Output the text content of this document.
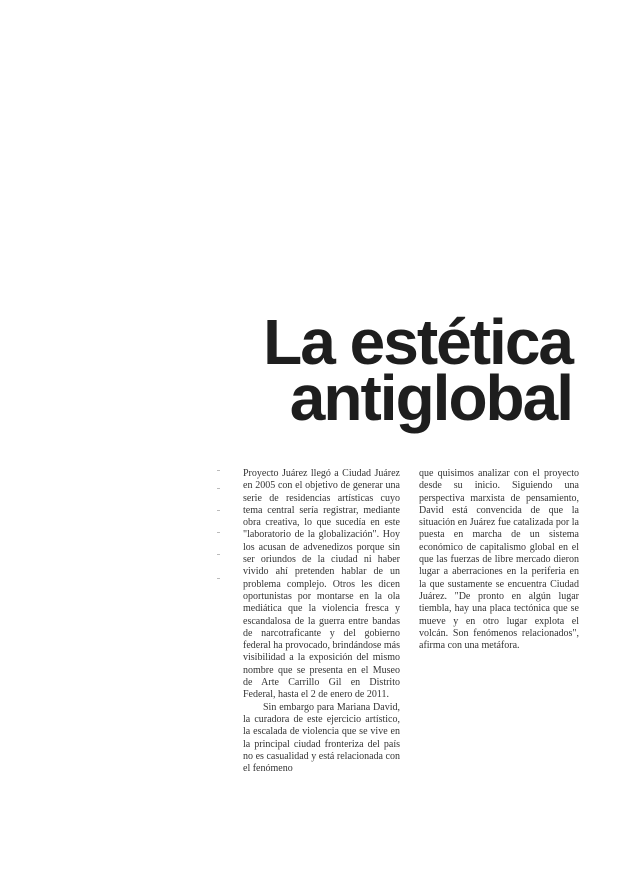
La estética
antiglobal

Proyecto Juárez llegó a Ciudad Juárez en 2005 con el objetivo de generar una serie de residencias artísticas cuyo tema central sería registrar, mediante obra creativa, lo que sucedía en este "laboratorio de la globalización". Hoy los acusan de advenedizos porque sin ser oriundos de la ciudad ni haber vivido ahí pretenden hablar de un problema complejo. Otros les dicen oportunistas por montarse en la ola mediática que la violencia fresca y escandalosa de la guerra entre bandas de narcotraficante y del gobierno federal ha provocado, brindándose más visibilidad a la exposición del mismo nombre que se presenta en el Museo de Arte Carrillo Gil en Distrito Federal, hasta el 2 de enero de 2011.

Sin embargo para Mariana David, la curadora de este ejercicio artístico, la escalada de violencia que se vive en la principal ciudad fronteriza del país no es casualidad y está relacionada con el fenómeno

que quisimos analizar con el proyecto desde su inicio. Siguiendo una perspectiva marxista de pensamiento, David está convencida de que la situación en Juárez fue catalizada por la puesta en marcha de un sistema económico de capitalismo global en el que las fuerzas de libre mercado dieron lugar a aberraciones en la periferia en la que sustamente se encuentra Ciudad Juárez. "De pronto en algún lugar tiembla, hay una placa tectónica que se mueve y en otro lugar explota el volcán. Son fenómenos relacionados", afirma con una metáfora.
